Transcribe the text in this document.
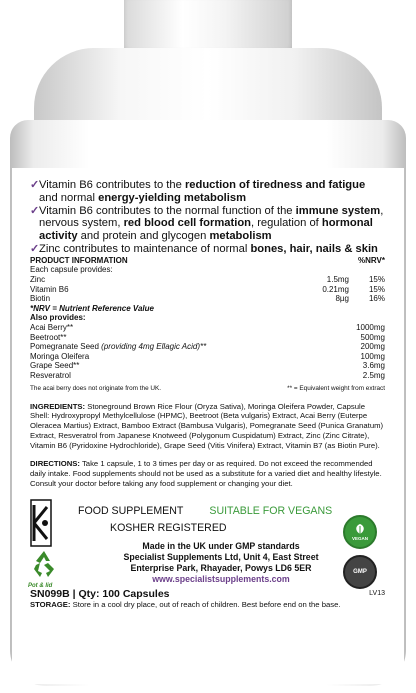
✓ Vitamin B6 contributes to the reduction of tiredness and fatigue and normal energy-yielding metabolism
✓ Vitamin B6 contributes to the normal function of the immune system, nervous system, red blood cell formation, regulation of hormonal activity and protein and glycogen metabolism
✓ Zinc contributes to maintenance of normal bones, hair, nails & skin
PRODUCT INFORMATION	%NRV*
Each capsule provides:
Zinc	1.5mg	15%
Vitamin B6	0.21mg	15%
Biotin	8µg	16%
*NRV = Nutrient Reference Value
Also provides:
Acai Berry**	1000mg
Beetroot**	500mg
Pomegranate Seed (providing 4mg Ellagic Acid)**	200mg
Moringa Oleifera	100mg
Grape Seed**	3.6mg
Resveratrol	2.5mg
The acai berry does not originate from the UK.	** = Equivalent weight from extract
INGREDIENTS: Stoneground Brown Rice Flour (Oryza Sativa), Moringa Oleifera Powder, Capsule Shell: Hydroxypropyl Methylcellulose (HPMC), Beetroot (Beta vulgaris) Extract, Acai Berry (Euterpe Oleracea Martius) Extract, Bamboo Extract (Bambusa Vulgaris), Pomegranate Seed (Punica Granatum) Extract, Resveratrol from Japanese Knotweed (Polygonum Cuspidatum) Extract, Zinc (Zinc Citrate), Vitamin B6 (Pyridoxine Hydrochloride), Grape Seed (Vitis Vinifera) Extract, Vitamin B7 (as Biotin Pure).
DIRECTIONS: Take 1 capsule, 1 to 3 times per day or as required. Do not exceed the recommended daily intake. Food supplements should not be used as a substitute for a varied diet and healthy lifestyle. Consult your doctor before taking any food supplement or changing your diet.
Pot & lid
FOOD SUPPLEMENT SUITABLE FOR VEGANS
KOSHER REGISTERED
Made in the UK under GMP standards
Specialist Supplements Ltd, Unit 4, East Street
Enterprise Park, Rhayader, Powys LD6 5ER
www.specialistsupplements.com
VEGAN
GMP
SN099B | Qty: 100 Capsules	LV13
STORAGE: Store in a cool dry place, out of reach of children. Best before end on the base.
